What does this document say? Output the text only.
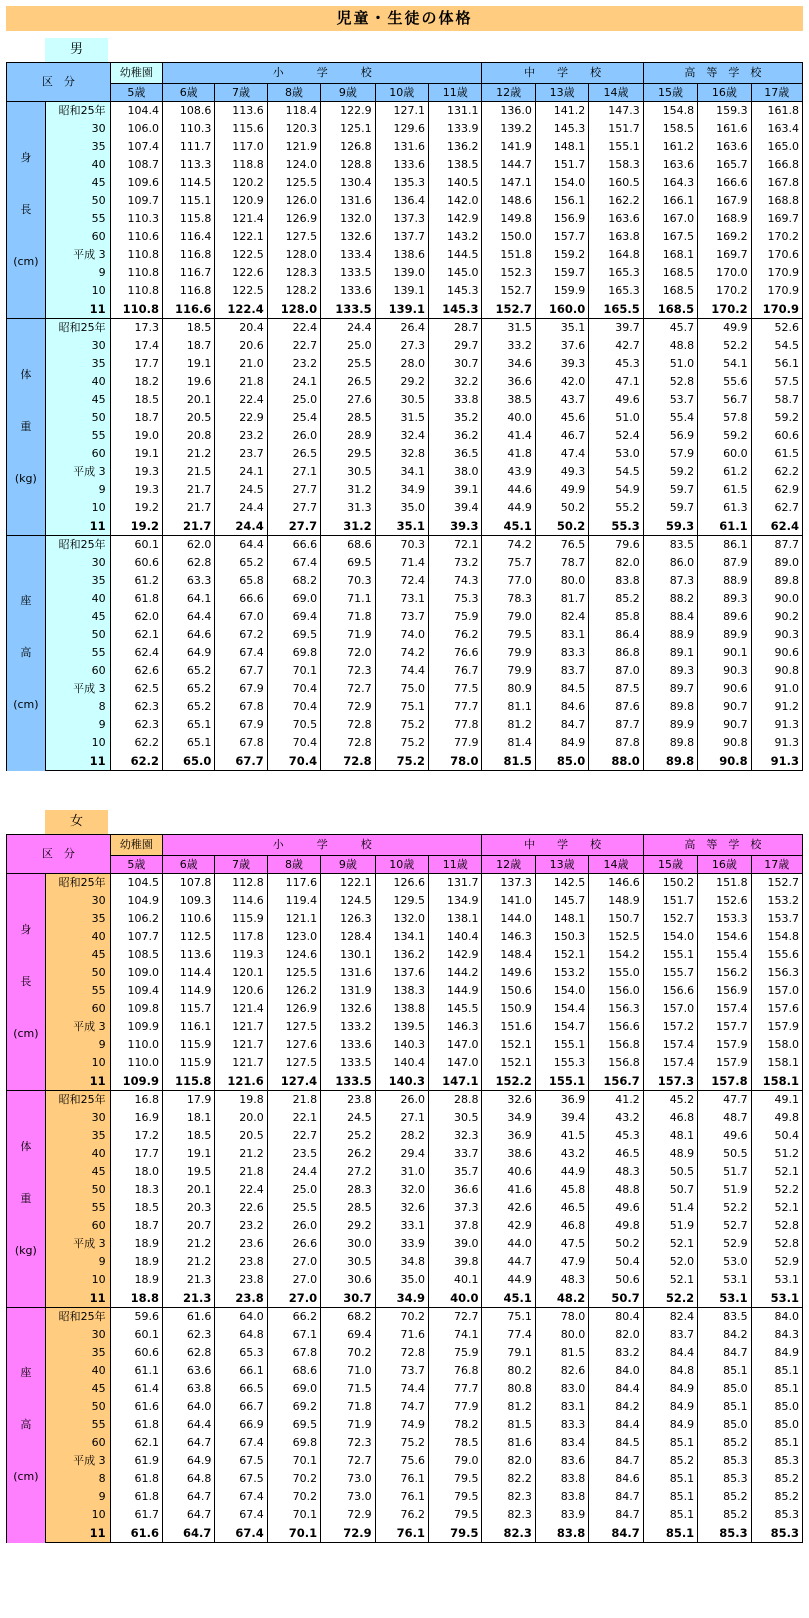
児童・生徒の体格
男
区　分		幼稚園	小　　　学　　　校						中　　学　　校			高　等　学　校		
		5歳	6歳	7歳	8歳	9歳	10歳	11歳	12歳	13歳	14歳	15歳	16歳	17歳

身
長
(cm)	昭和25年	104.4	108.6	113.6	118.4	122.9	127.1	131.1	136.0	141.2	147.3	154.8	159.3	161.8
	30	106.0	110.3	115.6	120.3	125.1	129.6	133.9	139.2	145.3	151.7	158.5	161.6	163.4
	35	107.4	111.7	117.0	121.9	126.8	131.6	136.2	141.9	148.1	155.1	161.2	163.6	165.0
	40	108.7	113.3	118.8	124.0	128.8	133.6	138.5	144.7	151.7	158.3	163.6	165.7	166.8
	45	109.6	114.5	120.2	125.5	130.4	135.3	140.5	147.1	154.0	160.5	164.3	166.6	167.8
	50	109.7	115.1	120.9	126.0	131.6	136.4	142.0	148.6	156.1	162.2	166.1	167.9	168.8
	55	110.3	115.8	121.4	126.9	132.0	137.3	142.9	149.8	156.9	163.6	167.0	168.9	169.7
	60	110.6	116.4	122.1	127.5	132.6	137.7	143.2	150.0	157.7	163.8	167.5	169.2	170.2
	平成 3	110.8	116.8	122.5	128.0	133.4	138.6	144.5	151.8	159.2	164.8	168.1	169.7	170.6
	9	110.8	116.7	122.6	128.3	133.5	139.0	145.0	152.3	159.7	165.3	168.5	170.0	170.9
	10	110.8	116.8	122.5	128.2	133.6	139.1	145.3	152.7	159.9	165.3	168.5	170.2	170.9
	11	110.8	116.6	122.4	128.0	133.5	139.1	145.3	152.7	160.0	165.5	168.5	170.2	170.9

体
重
(kg)	昭和25年	17.3	18.5	20.4	22.4	24.4	26.4	28.7	31.5	35.1	39.7	45.7	49.9	52.6
	30	17.4	18.7	20.6	22.7	25.0	27.3	29.7	33.2	37.6	42.7	48.8	52.2	54.5
	35	17.7	19.1	21.0	23.2	25.5	28.0	30.7	34.6	39.3	45.3	51.0	54.1	56.1
	40	18.2	19.6	21.8	24.1	26.5	29.2	32.2	36.6	42.0	47.1	52.8	55.6	57.5
	45	18.5	20.1	22.4	25.0	27.6	30.5	33.8	38.5	43.7	49.6	53.7	56.7	58.7
	50	18.7	20.5	22.9	25.4	28.5	31.5	35.2	40.0	45.6	51.0	55.4	57.8	59.2
	55	19.0	20.8	23.2	26.0	28.9	32.4	36.2	41.4	46.7	52.4	56.9	59.2	60.6
	60	19.1	21.2	23.7	26.5	29.5	32.8	36.5	41.8	47.4	53.0	57.9	60.0	61.5
	平成 3	19.3	21.5	24.1	27.1	30.5	34.1	38.0	43.9	49.3	54.5	59.2	61.2	62.2
	9	19.3	21.7	24.5	27.7	31.2	34.9	39.1	44.6	49.9	54.9	59.7	61.5	62.9
	10	19.2	21.7	24.4	27.7	31.3	35.0	39.4	44.9	50.2	55.2	59.7	61.3	62.7
	11	19.2	21.7	24.4	27.7	31.2	35.1	39.3	45.1	50.2	55.3	59.3	61.1	62.4

座
高
(cm)	昭和25年	60.1	62.0	64.4	66.6	68.6	70.3	72.1	74.2	76.5	79.6	83.5	86.1	87.7
	30	60.6	62.8	65.2	67.4	69.5	71.4	73.2	75.7	78.7	82.0	86.0	87.9	89.0
	35	61.2	63.3	65.8	68.2	70.3	72.4	74.3	77.0	80.0	83.8	87.3	88.9	89.8
	40	61.8	64.1	66.6	69.0	71.1	73.1	75.3	78.3	81.7	85.2	88.2	89.3	90.0
	45	62.0	64.4	67.0	69.4	71.8	73.7	75.9	79.0	82.4	85.8	88.4	89.6	90.2
	50	62.1	64.6	67.2	69.5	71.9	74.0	76.2	79.5	83.1	86.4	88.9	89.9	90.3
	55	62.4	64.9	67.4	69.8	72.0	74.2	76.6	79.9	83.3	86.8	89.1	90.1	90.6
	60	62.6	65.2	67.7	70.1	72.3	74.4	76.7	79.9	83.7	87.0	89.3	90.3	90.8
	平成 3	62.5	65.2	67.9	70.4	72.7	75.0	77.5	80.9	84.5	87.5	89.7	90.6	91.0
	8	62.3	65.2	67.8	70.4	72.9	75.1	77.7	81.1	84.6	87.6	89.8	90.7	91.2
	9	62.3	65.1	67.9	70.5	72.8	75.2	77.8	81.2	84.7	87.7	89.9	90.7	91.3
	10	62.2	65.1	67.8	70.4	72.8	75.2	77.9	81.4	84.9	87.8	89.8	90.8	91.3
	11	62.2	65.0	67.7	70.4	72.8	75.2	78.0	81.5	85.0	88.0	89.8	90.8	91.3
女
区　分		幼稚園	小　　　学　　　校						中　　学　　校			高　等　学　校		
		5歳	6歳	7歳	8歳	9歳	10歳	11歳	12歳	13歳	14歳	15歳	16歳	17歳

身
長
(cm)	昭和25年	104.5	107.8	112.8	117.6	122.1	126.6	131.7	137.3	142.5	146.6	150.2	151.8	152.7
	30	104.9	109.3	114.6	119.4	124.5	129.5	134.9	141.0	145.7	148.9	151.7	152.6	153.2
	35	106.2	110.6	115.9	121.1	126.3	132.0	138.1	144.0	148.1	150.7	152.7	153.3	153.7
	40	107.7	112.5	117.8	123.0	128.4	134.1	140.4	146.3	150.3	152.5	154.0	154.6	154.8
	45	108.5	113.6	119.3	124.6	130.1	136.2	142.9	148.4	152.1	154.2	155.1	155.4	155.6
	50	109.0	114.4	120.1	125.5	131.6	137.6	144.2	149.6	153.2	155.0	155.7	156.2	156.3
	55	109.4	114.9	120.6	126.2	131.9	138.3	144.9	150.6	154.0	156.0	156.6	156.9	157.0
	60	109.8	115.7	121.4	126.9	132.6	138.8	145.5	150.9	154.4	156.3	157.0	157.4	157.6
	平成 3	109.9	116.1	121.7	127.5	133.2	139.5	146.3	151.6	154.7	156.6	157.2	157.7	157.9
	9	110.0	115.9	121.7	127.6	133.6	140.3	147.0	152.1	155.1	156.8	157.4	157.9	158.0
	10	110.0	115.9	121.7	127.5	133.5	140.4	147.0	152.1	155.3	156.8	157.4	157.9	158.1
	11	109.9	115.8	121.6	127.4	133.5	140.3	147.1	152.2	155.1	156.7	157.3	157.8	158.1

体
重
(kg)	昭和25年	16.8	17.9	19.8	21.8	23.8	26.0	28.8	32.6	36.9	41.2	45.2	47.7	49.1
	30	16.9	18.1	20.0	22.1	24.5	27.1	30.5	34.9	39.4	43.2	46.8	48.7	49.8
	35	17.2	18.5	20.5	22.7	25.2	28.2	32.3	36.9	41.5	45.3	48.1	49.6	50.4
	40	17.7	19.1	21.2	23.5	26.2	29.4	33.7	38.6	43.2	46.5	48.9	50.5	51.2
	45	18.0	19.5	21.8	24.4	27.2	31.0	35.7	40.6	44.9	48.3	50.5	51.7	52.1
	50	18.3	20.1	22.4	25.0	28.3	32.0	36.6	41.6	45.8	48.8	50.7	51.9	52.2
	55	18.5	20.3	22.6	25.5	28.5	32.6	37.3	42.6	46.5	49.6	51.4	52.2	52.1
	60	18.7	20.7	23.2	26.0	29.2	33.1	37.8	42.9	46.8	49.8	51.9	52.7	52.8
	平成 3	18.9	21.2	23.6	26.6	30.0	33.9	39.0	44.0	47.5	50.2	52.1	52.9	52.8
	9	18.9	21.2	23.8	27.0	30.5	34.8	39.8	44.7	47.9	50.4	52.0	53.0	52.9
	10	18.9	21.3	23.8	27.0	30.6	35.0	40.1	44.9	48.3	50.6	52.1	53.1	53.1
	11	18.8	21.3	23.8	27.0	30.7	34.9	40.0	45.1	48.2	50.7	52.2	53.1	53.1

座
高
(cm)	昭和25年	59.6	61.6	64.0	66.2	68.2	70.2	72.7	75.1	78.0	80.4	82.4	83.5	84.0
	30	60.1	62.3	64.8	67.1	69.4	71.6	74.1	77.4	80.0	82.0	83.7	84.2	84.3
	35	60.6	62.8	65.3	67.8	70.2	72.8	75.9	79.1	81.5	83.2	84.4	84.7	84.9
	40	61.1	63.6	66.1	68.6	71.0	73.7	76.8	80.2	82.6	84.0	84.8	85.1	85.1
	45	61.4	63.8	66.5	69.0	71.5	74.4	77.7	80.8	83.0	84.4	84.9	85.0	85.1
	50	61.6	64.0	66.7	69.2	71.8	74.7	77.9	81.2	83.1	84.2	84.9	85.1	85.0
	55	61.8	64.4	66.9	69.5	71.9	74.9	78.2	81.5	83.3	84.4	84.9	85.0	85.0
	60	62.1	64.7	67.4	69.8	72.3	75.2	78.5	81.6	83.4	84.5	85.1	85.2	85.1
	平成 3	61.9	64.9	67.5	70.1	72.7	75.6	79.0	82.0	83.6	84.7	85.2	85.3	85.3
	8	61.8	64.8	67.5	70.2	73.0	76.1	79.5	82.2	83.8	84.6	85.1	85.3	85.2
	9	61.8	64.7	67.4	70.2	73.0	76.1	79.5	82.3	83.8	84.7	85.1	85.2	85.2
	10	61.7	64.7	67.4	70.1	72.9	76.2	79.5	82.3	83.9	84.7	85.1	85.2	85.3
	11	61.6	64.7	67.4	70.1	72.9	76.1	79.5	82.3	83.8	84.7	85.1	85.3	85.3
